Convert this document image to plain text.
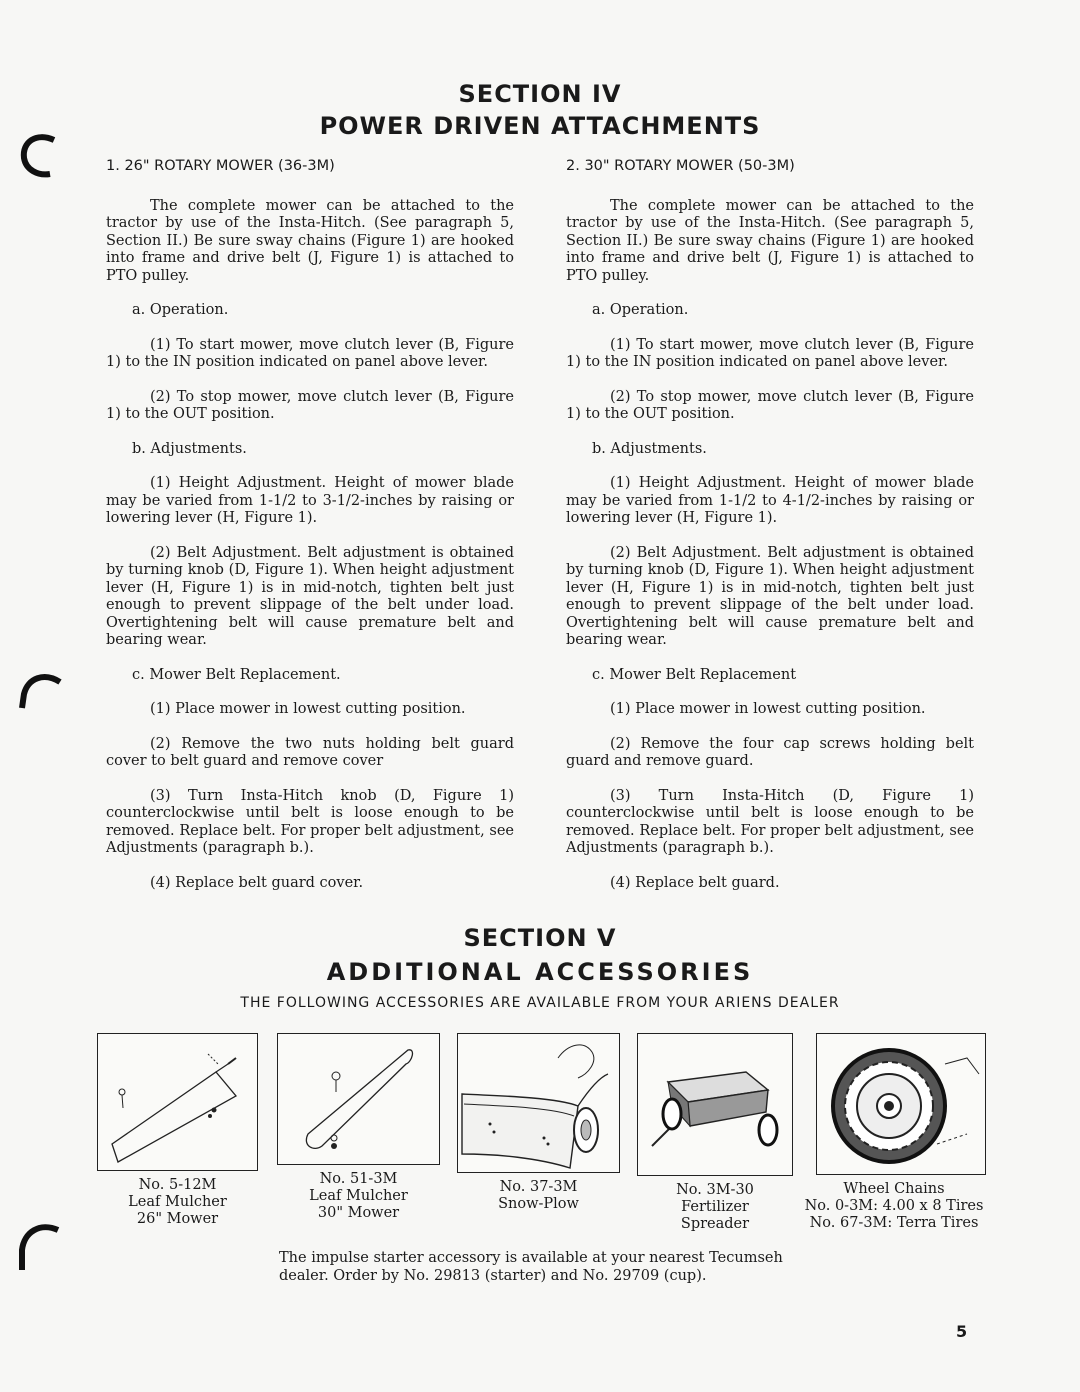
SECTION IV
POWER DRIVEN ATTACHMENTS
1. 26" ROTARY MOWER (36-3M)

The complete mower can be attached to the tractor by use of the Insta-Hitch. (See paragraph 5, Section II.) Be sure sway chains (Figure 1) are hooked into frame and drive belt (J, Figure 1) is attached to PTO pulley.

a. Operation.

(1) To start mower, move clutch lever (B, Figure 1) to the IN position indicated on panel above lever.

(2) To stop mower, move clutch lever (B, Figure 1) to the OUT position.

b. Adjustments.

(1) Height Adjustment. Height of mower blade may be varied from 1-1/2 to 3-1/2-inches by raising or lowering lever (H, Figure 1).

(2) Belt Adjustment. Belt adjustment is obtained by turning knob (D, Figure 1). When height adjustment lever (H, Figure 1) is in mid-notch, tighten belt just enough to prevent slippage of the belt under load. Overtightening belt will cause premature belt and bearing wear.

c. Mower Belt Replacement.

(1) Place mower in lowest cutting position.

(2) Remove the two nuts holding belt guard cover to belt guard and remove cover

(3) Turn Insta-Hitch knob (D, Figure 1) counterclockwise until belt is loose enough to be removed. Replace belt. For proper belt adjustment, see Adjustments (paragraph b.).

(4) Replace belt guard cover.

2. 30" ROTARY MOWER (50-3M)

The complete mower can be attached to the tractor by use of the Insta-Hitch. (See paragraph 5, Section II.) Be sure sway chains (Figure 1) are hooked into frame and drive belt (J, Figure 1) is attached to PTO pulley.

a. Operation.

(1) To start mower, move clutch lever (B, Figure 1) to the IN position indicated on panel above lever.

(2) To stop mower, move clutch lever (B, Figure 1) to the OUT position.

b. Adjustments.

(1) Height Adjustment. Height of mower blade may be varied from 1-1/2 to 4-1/2-inches by raising or lowering lever (H, Figure 1).

(2) Belt Adjustment. Belt adjustment is obtained by turning knob (D, Figure 1). When height adjustment lever (H, Figure 1) is in mid-notch, tighten belt just enough to prevent slippage of the belt under load. Overtightening belt will cause premature belt and bearing wear.

c. Mower Belt Replacement

(1) Place mower in lowest cutting position.

(2) Remove the four cap screws holding belt guard and remove guard.

(3) Turn Insta-Hitch (D, Figure 1) counterclockwise until belt is loose enough to be removed. Replace belt. For proper belt adjustment, see Adjustments (paragraph b.).

(4) Replace belt guard.

SECTION V
ADDITIONAL ACCESSORIES
THE FOLLOWING ACCESSORIES ARE AVAILABLE FROM YOUR ARIENS DEALER
No. 5-12M
Leaf Mulcher
26" Mower
No. 51-3M
Leaf Mulcher
30" Mower
No. 37-3M
Snow-Plow
No. 3M-30
Fertilizer
Spreader
Wheel Chains
No. 0-3M: 4.00 x 8 Tires
No. 67-3M: Terra Tires
The impulse starter accessory is available at your nearest Tecumseh dealer. Order by No. 29813 (starter) and No. 29709 (cup).
5
